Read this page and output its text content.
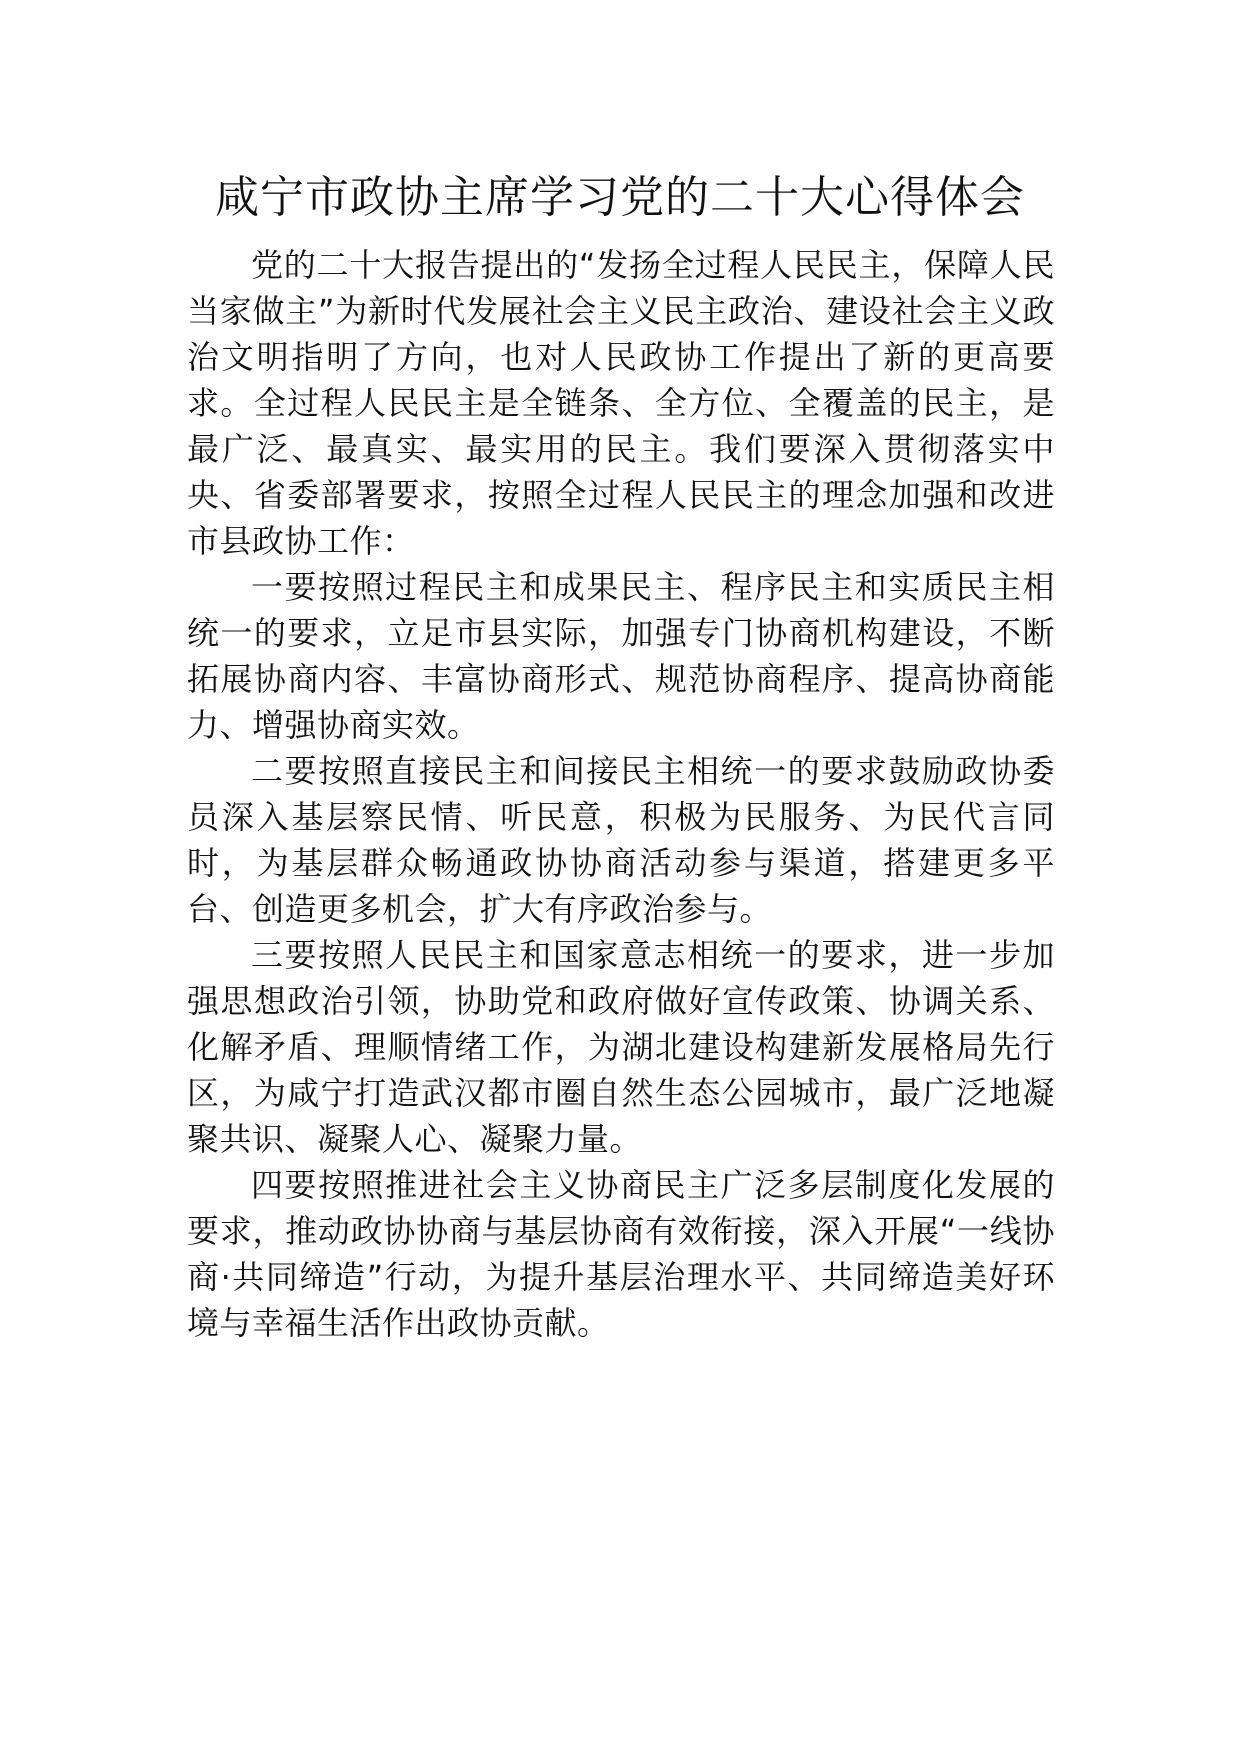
咸宁市政协主席学习党的二十大心得体会

党的二十大报告提出的“发扬全过程人民民主，保障人民当家做主”为新时代发展社会主义民主政治、建设社会主义政治文明指明了方向，也对人民政协工作提出了新的更高要求。全过程人民民主是全链条、全方位、全覆盖的民主，是最广泛、最真实、最实用的民主。我们要深入贯彻落实中央、省委部署要求，按照全过程人民民主的理念加强和改进市县政协工作：

一要按照过程民主和成果民主、程序民主和实质民主相统一的要求，立足市县实际，加强专门协商机构建设，不断拓展协商内容、丰富协商形式、规范协商程序、提高协商能力、增强协商实效。

二要按照直接民主和间接民主相统一的要求鼓励政协委员深入基层察民情、听民意，积极为民服务、为民代言同时，为基层群众畅通政协协商活动参与渠道，搭建更多平台、创造更多机会，扩大有序政治参与。

三要按照人民民主和国家意志相统一的要求，进一步加强思想政治引领，协助党和政府做好宣传政策、协调关系、化解矛盾、理顺情绪工作，为湖北建设构建新发展格局先行区，为咸宁打造武汉都市圈自然生态公园城市，最广泛地凝聚共识、凝聚人心、凝聚力量。

四要按照推进社会主义协商民主广泛多层制度化发展的要求，推动政协协商与基层协商有效衔接，深入开展“一线协商·共同缔造”行动，为提升基层治理水平、共同缔造美好环境与幸福生活作出政协贡献。
